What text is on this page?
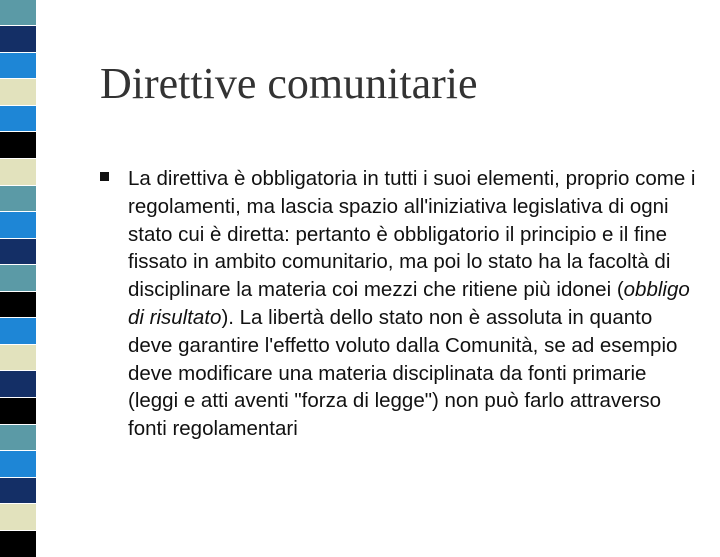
Direttive comunitarie
La direttiva è obbligatoria in tutti i suoi elementi, proprio come i regolamenti, ma lascia spazio all'iniziativa legislativa di ogni stato cui è diretta: pertanto è obbligatorio il principio e il fine fissato in ambito comunitario, ma poi lo stato ha la facoltà di disciplinare la materia coi mezzi che ritiene più idonei (obbligo di risultato). La libertà dello stato non è assoluta in quanto deve garantire l'effetto voluto dalla Comunità, se ad esempio deve modificare una materia disciplinata da fonti primarie (leggi e atti aventi "forza di legge") non può farlo attraverso fonti regolamentari
